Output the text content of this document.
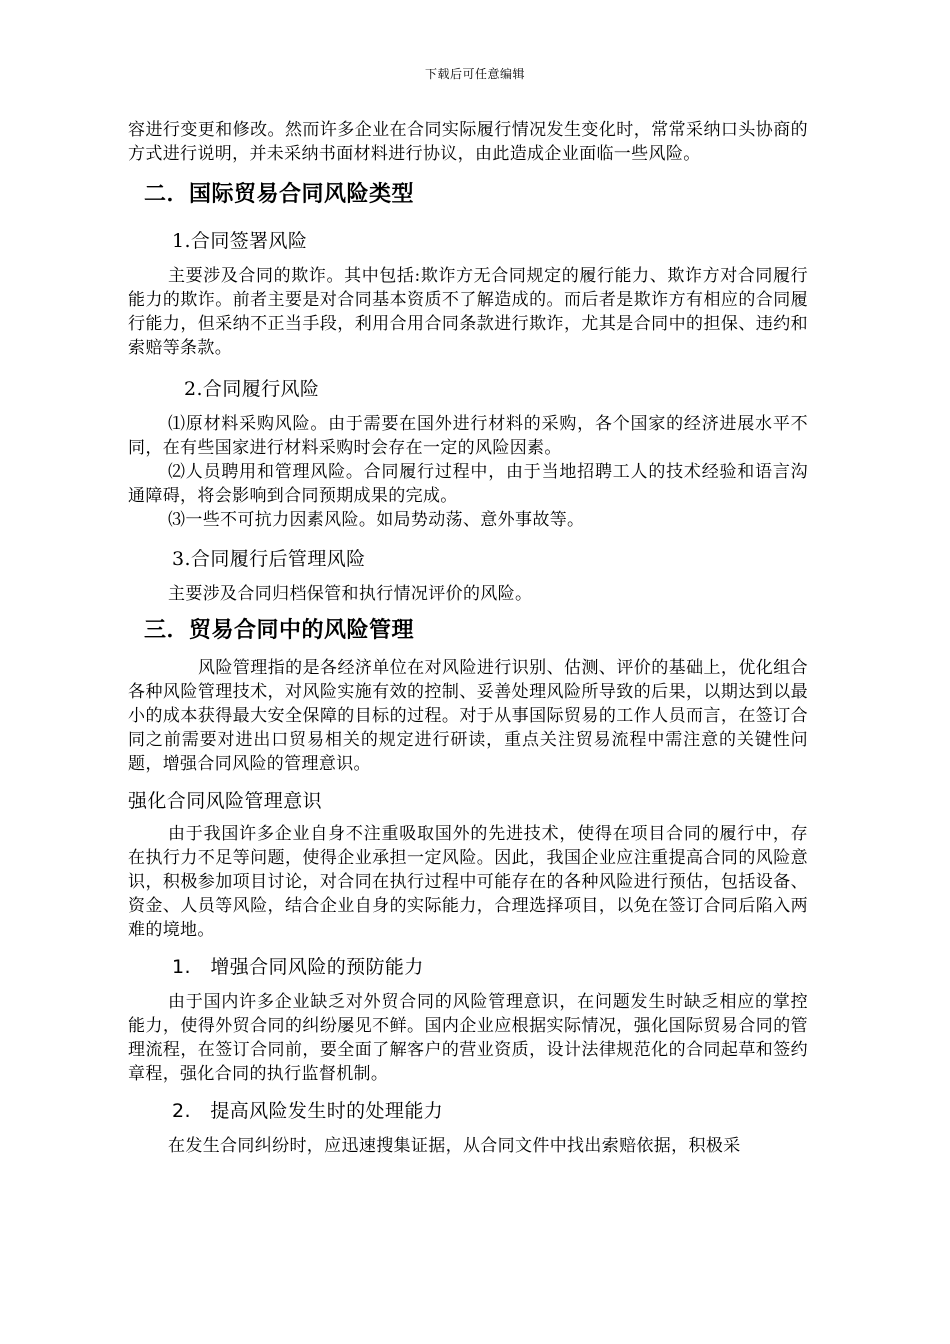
下载后可任意编辑

容进行变更和修改。然而许多企业在合同实际履行情况发生变化时，常常采纳口头协商的方式进行说明，并未采纳书面材料进行协议，由此造成企业面临一些风险。

二．国际贸易合同风险类型
1.合同签署风险

主要涉及合同的欺诈。其中包括:欺诈方无合同规定的履行能力、欺诈方对合同履行能力的欺诈。前者主要是对合同基本资质不了解造成的。而后者是欺诈方有相应的合同履行能力，但采纳不正当手段，利用合用合同条款进行欺诈，尤其是合同中的担保、违约和索赔等条款。

2.合同履行风险

⑴原材料采购风险。由于需要在国外进行材料的采购，各个国家的经济进展水平不同，在有些国家进行材料采购时会存在一定的风险因素。

⑵人员聘用和管理风险。合同履行过程中，由于当地招聘工人的技术经验和语言沟通障碍，将会影响到合同预期成果的完成。

⑶一些不可抗力因素风险。如局势动荡、意外事故等。

3.合同履行后管理风险

主要涉及合同归档保管和执行情况评价的风险。

三．贸易合同中的风险管理

风险管理指的是各经济单位在对风险进行识别、估测、评价的基础上，优化组合各种风险管理技术，对风险实施有效的控制、妥善处理风险所导致的后果，以期达到以最小的成本获得最大安全保障的目标的过程。对于从事国际贸易的工作人员而言，在签订合同之前需要对进出口贸易相关的规定进行研读，重点关注贸易流程中需注意的关键性问题，增强合同风险的管理意识。

强化合同风险管理意识

由于我国许多企业自身不注重吸取国外的先进技术，使得在项目合同的履行中，存在执行力不足等问题，使得企业承担一定风险。因此，我国企业应注重提高合同的风险意识，积极参加项目讨论，对合同在执行过程中可能存在的各种风险进行预估，包括设备、资金、人员等风险，结合企业自身的实际能力，合理选择项目，以免在签订合同后陷入两难的境地。

1.　增强合同风险的预防能力

由于国内许多企业缺乏对外贸合同的风险管理意识，在问题发生时缺乏相应的掌控能力，使得外贸合同的纠纷屡见不鲜。国内企业应根据实际情况，强化国际贸易合同的管理流程，在签订合同前，要全面了解客户的营业资质，设计法律规范化的合同起草和签约章程，强化合同的执行监督机制。

2.　提高风险发生时的处理能力

在发生合同纠纷时，应迅速搜集证据，从合同文件中找出索赔依据，积极采
